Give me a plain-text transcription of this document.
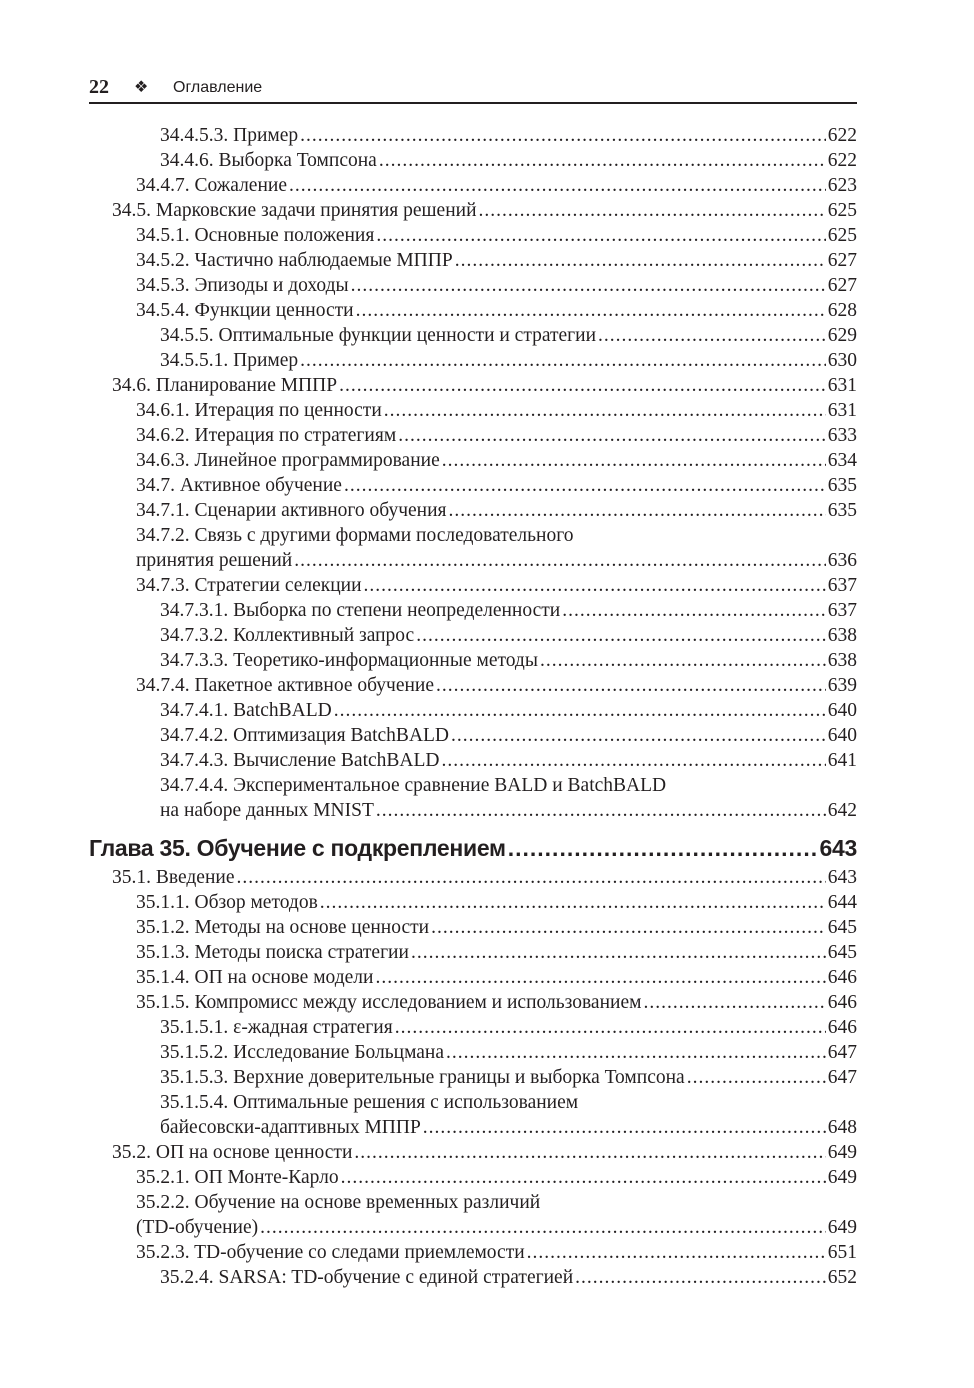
22 ❖ Оглавление
34.4.5.3. Пример .....	622
34.4.6. Выборка Томпсона .....	622
34.4.7. Сожаление .....	623
34.5. Марковские задачи принятия решений .....	625
34.5.1. Основные положения .....	625
34.5.2. Частично наблюдаемые МППР .....	627
34.5.3. Эпизоды и доходы .....	627
34.5.4. Функции ценности .....	628
34.5.5. Оптимальные функции ценности и стратегии .....	629
34.5.5.1. Пример .....	630
34.6. Планирование МППР .....	631
34.6.1. Итерация по ценности .....	631
34.6.2. Итерация по стратегиям .....	633
34.6.3. Линейное программирование .....	634
34.7. Активное обучение .....	635
34.7.1. Сценарии активного обучения .....	635
34.7.2. Связь с другими формами последовательного
принятия решений .....	636
34.7.3. Стратегии селекции .....	637
34.7.3.1. Выборка по степени неопределенности .....	637
34.7.3.2. Коллективный запрос .....	638
34.7.3.3. Теоретико-информационные методы .....	638
34.7.4. Пакетное активное обучение .....	639
34.7.4.1. BatchBALD .....	640
34.7.4.2. Оптимизация BatchBALD .....	640
34.7.4.3. Вычисление BatchBALD .....	641
34.7.4.4. Экспериментальное сравнение BALD и BatchBALD
на наборе данных MNIST .....	642
Глава 35. Обучение с подкреплением .....	643
35.1. Введение .....	643
35.1.1. Обзор методов .....	644
35.1.2. Методы на основе ценности .....	645
35.1.3. Методы поиска стратегии .....	645
35.1.4. ОП на основе модели .....	646
35.1.5. Компромисс между исследованием и использованием .....	646
35.1.5.1. ε-жадная стратегия .....	646
35.1.5.2. Исследование Больцмана .....	647
35.1.5.3. Верхние доверительные границы и выборка Томпсона .....	647
35.1.5.4. Оптимальные решения с использованием
байесовски-адаптивных МППР .....	648
35.2. ОП на основе ценности .....	649
35.2.1. ОП Монте-Карло .....	649
35.2.2. Обучение на основе временных различий
(TD-обучение) .....	649
35.2.3. TD-обучение со следами приемлемости .....	651
35.2.4. SARSA: TD-обучение с единой стратегией .....	652
